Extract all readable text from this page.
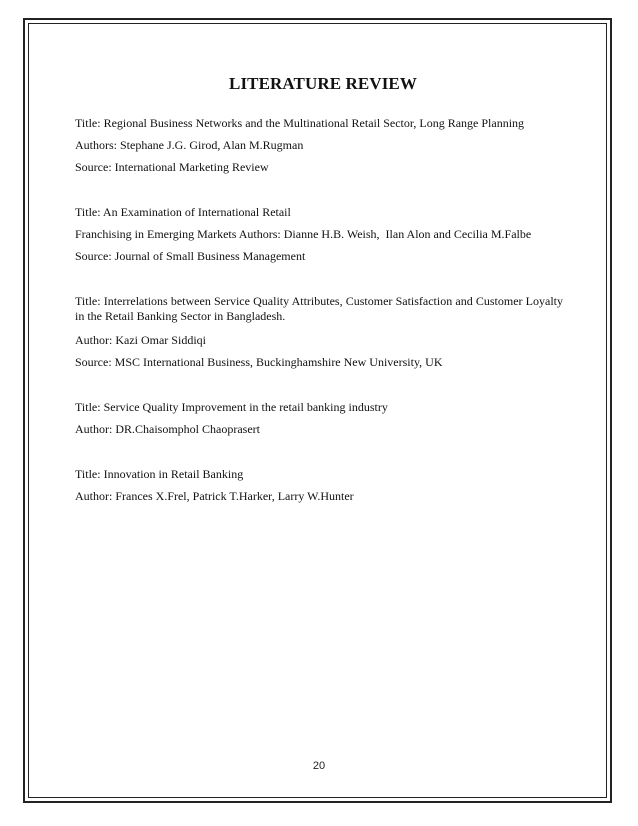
LITERATURE REVIEW
Title: Regional Business Networks and the Multinational Retail Sector, Long Range Planning
Authors: Stephane J.G. Girod, Alan M.Rugman
Source: International Marketing Review
Title: An Examination of International Retail
Franchising in Emerging Markets Authors: Dianne H.B. Weish,  Ilan Alon and Cecilia M.Falbe
Source: Journal of Small Business Management
Title: Interrelations between Service Quality Attributes, Customer Satisfaction and Customer Loyalty in the Retail Banking Sector in Bangladesh.
Author: Kazi Omar Siddiqi
Source: MSC International Business, Buckinghamshire New University, UK
Title: Service Quality Improvement in the retail banking industry
Author: DR.Chaisomphol Chaoprasert
Title: Innovation in Retail Banking
Author: Frances X.Frel, Patrick T.Harker, Larry W.Hunter
20
